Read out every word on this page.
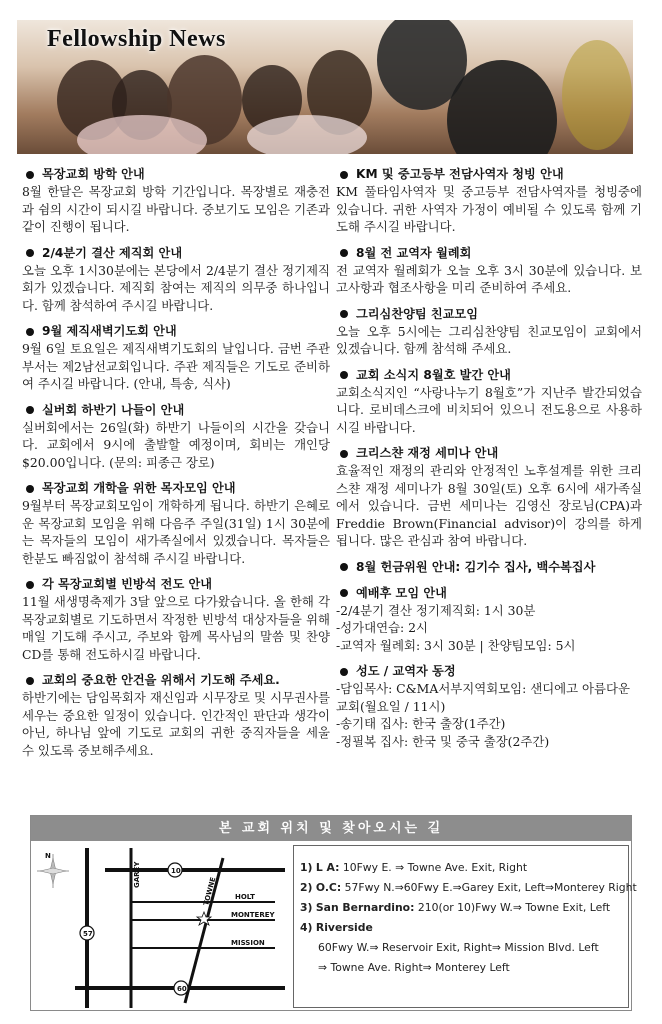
Fellowship News
목장교회 방학 안내

8월 한달은 목장교회 방학 기간입니다. 목장별로 재충전과 쉼의 시간이 되시길 바랍니다. 중보기도 모임은 기존과 같이 진행이 됩니다.

2/4분기 결산 제직회 안내

오늘 오후 1시30분에는 본당에서 2/4분기 결산 정기제직회가 있겠습니다. 제직회 참여는 제직의 의무중 하나입니다. 함께 참석하여 주시길 바랍니다.

9월 제직새벽기도회 안내

9월 6일 토요일은 제직새벽기도회의 날입니다. 금번 주관부서는 제2남선교회입니다. 주관 제직들은 기도로 준비하여 주시길 바랍니다. (안내, 특송, 식사)

실버회 하반기 나들이 안내

실버회에서는 26일(화) 하반기 나들이의 시간을 갖습니다. 교회에서 9시에 출발할 예정이며, 회비는 개인당 $20.00입니다. (문의: 피종근 장로)

목장교회 개학을 위한 목자모임 안내

9월부터 목장교회모임이 개학하게 됩니다. 하반기 은혜로운 목장교회 모임을 위해 다음주 주일(31일) 1시 30분에는 목자들의 모임이 새가족실에서 있겠습니다. 목자들은 한분도 빠짐없이 참석해 주시길 바랍니다.

각 목장교회별 빈방석 전도 안내

11월 새생명축제가 3달 앞으로 다가왔습니다. 올 한해 각 목장교회별로 기도하면서 작정한 빈방석 대상자들을 위해 매일 기도해 주시고, 주보와 함께 목사님의 말씀 및 찬양 CD를 통해 전도하시길 바랍니다.

교회의 중요한 안건을 위해서 기도해 주세요.

하반기에는 담임목회자 재신임과 시무장로 및 시무권사를 세우는 중요한 일정이 있습니다. 인간적인 판단과 생각이 아닌, 하나님 앞에 기도로 교회의 귀한 중직자들을 세울 수 있도록 중보해주세요.

KM 및 중고등부 전담사역자 청빙 안내

KM 풀타임사역자 및 중고등부 전담사역자를 청빙중에 있습니다. 귀한 사역자 가정이 예비될 수 있도록 함께 기도해 주시길 바랍니다.

8월 전 교역자 월례회

전 교역자 월례회가 오늘 오후 3시 30분에 있습니다. 보고사항과 협조사항을 미리 준비하여 주세요.

그리심찬양팀 친교모임

오늘 오후 5시에는 그리심찬양팀 친교모임이 교회에서 있겠습니다. 함께 참석해 주세요.

교회 소식지 8월호 발간 안내

교회소식지인 “사랑나누기 8월호”가 지난주 발간되었습니다. 로비데스크에 비치되어 있으니 전도용으로 사용하시길 바랍니다.

크리스챤 재정 세미나 안내

효율적인 재정의 관리와 안정적인 노후설계를 위한 크리스챤 재정 세미나가 8월 30일(토) 오후 6시에 새가족실에서 있습니다. 금번 세미나는 김영신 장로님(CPA)과 Freddie Brown(Financial advisor)이 강의를 하게 됩니다. 많은 관심과 참여 바랍니다.

8월 헌금위원 안내: 김기수 집사, 백수복집사
예배후 모임 안내
-2/4분기 결산 정기제직회: 1시 30분
-성가대연습: 2시
-교역자 월례회: 3시 30분 | 찬양팀모임: 5시
성도 / 교역자 동정
-담임목사: C&MA서부지역회모임: 샌디에고 아름다운 교회(월요일 / 11시)
-송기태 집사: 한국 출장(1주간)
-정필복 집사: 한국 및 중국 출장(2주간)
본 교회 위치 및 찾아오시는 길
N
10
57
60
GAREY
TOWNE	HOLT
MONTEREY
MISSION
1) L A: 10Fwy E. ⇒ Towne Ave. Exit, Right
2) O.C: 57Fwy N.⇒60Fwy E.⇒Garey Exit, Left⇒Monterey Right
3) San Bernardino: 210(or 10)Fwy W.⇒ Towne Exit, Left
4) Riverside
60Fwy W.⇒ Reservoir Exit, Right⇒ Mission Blvd. Left
⇒ Towne Ave. Right⇒ Monterey Left
